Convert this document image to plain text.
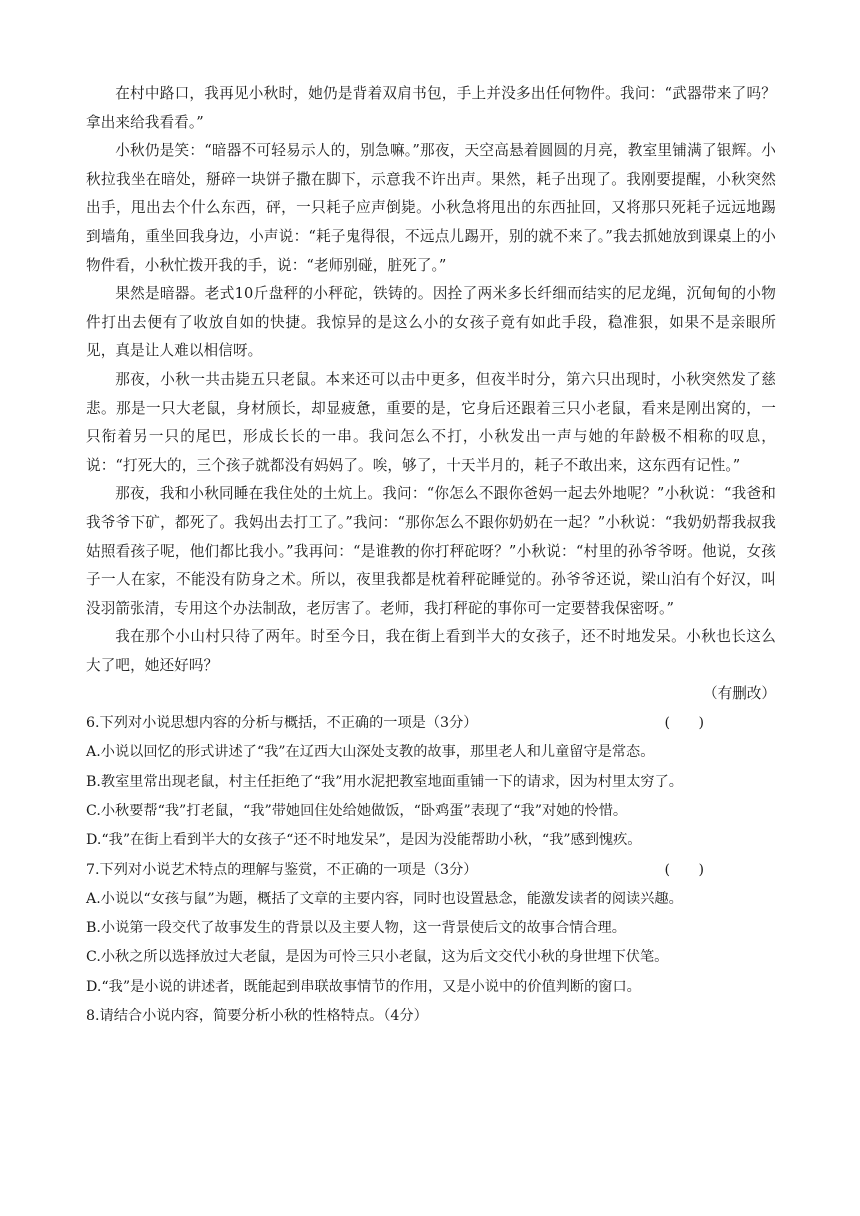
在村中路口，我再见小秋时，她仍是背着双肩书包，手上并没多出任何物件。我问：“武器带来了吗？拿出来给我看看。”

小秋仍是笑：“暗器不可轻易示人的，别急嘛。”那夜，天空高悬着圆圆的月亮，教室里铺满了银辉。小秋拉我坐在暗处，掰碎一块饼子撒在脚下，示意我不许出声。果然，耗子出现了。我刚要提醒，小秋突然出手，甩出去个什么东西，砰，一只耗子应声倒毙。小秋急将甩出的东西扯回，又将那只死耗子远远地踢到墙角，重坐回我身边，小声说：“耗子鬼得很，不远点儿踢开，别的就不来了。”我去抓她放到课桌上的小物件看，小秋忙拨开我的手，说：“老师别碰，脏死了。”

果然是暗器。老式10斤盘秤的小秤砣，铁铸的。因拴了两米多长纤细而结实的尼龙绳，沉甸甸的小物件打出去便有了收放自如的快捷。我惊异的是这么小的女孩子竟有如此手段，稳准狠，如果不是亲眼所见，真是让人难以相信呀。

那夜，小秋一共击毙五只老鼠。本来还可以击中更多，但夜半时分，第六只出现时，小秋突然发了慈悲。那是一只大老鼠，身材颀长，却显疲惫，重要的是，它身后还跟着三只小老鼠，看来是刚出窝的，一只衔着另一只的尾巴，形成长长的一串。我问怎么不打，小秋发出一声与她的年龄极不相称的叹息，说：“打死大的，三个孩子就都没有妈妈了。唉，够了，十天半月的，耗子不敢出来，这东西有记性。”

那夜，我和小秋同睡在我住处的土炕上。我问：“你怎么不跟你爸妈一起去外地呢？”小秋说：“我爸和我爷爷下矿，都死了。我妈出去打工了。”我问：“那你怎么不跟你奶奶在一起？”小秋说：“我奶奶帮我叔我姑照看孩子呢，他们都比我小。”我再问：“是谁教的你打秤砣呀？”小秋说：“村里的孙爷爷呀。他说，女孩子一人在家，不能没有防身之术。所以，夜里我都是枕着秤砣睡觉的。孙爷爷还说，梁山泊有个好汉，叫没羽箭张清，专用这个办法制敌，老厉害了。老师，我打秤砣的事你可一定要替我保密呀。”

我在那个小山村只待了两年。时至今日，我在街上看到半大的女孩子，还不时地发呆。小秋也长这么大了吧，她还好吗？

（有删改）

6.下列对小说思想内容的分析与概括，不正确的一项是（3分）	(　　)

A.小说以回忆的形式讲述了“我”在辽西大山深处支教的故事，那里老人和儿童留守是常态。

B.教室里常出现老鼠，村主任拒绝了“我”用水泥把教室地面重铺一下的请求，因为村里太穷了。

C.小秋要帮“我”打老鼠，“我”带她回住处给她做饭，“卧鸡蛋”表现了“我”对她的怜惜。

D.“我”在街上看到半大的女孩子“还不时地发呆”，是因为没能帮助小秋，“我”感到愧疚。

7.下列对小说艺术特点的理解与鉴赏，不正确的一项是（3分）	(　　)

A.小说以“女孩与鼠”为题，概括了文章的主要内容，同时也设置悬念，能激发读者的阅读兴趣。

B.小说第一段交代了故事发生的背景以及主要人物，这一背景使后文的故事合情合理。

C.小秋之所以选择放过大老鼠，是因为可怜三只小老鼠，这为后文交代小秋的身世埋下伏笔。

D.“我”是小说的讲述者，既能起到串联故事情节的作用，又是小说中的价值判断的窗口。

8.请结合小说内容，简要分析小秋的性格特点。（4分）
